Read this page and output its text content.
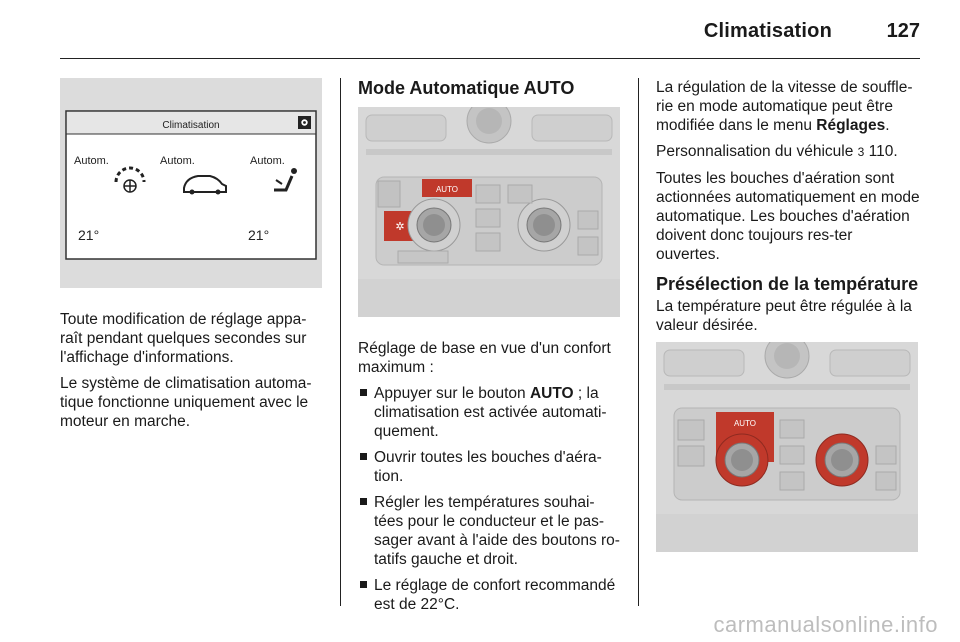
Climatisation	127
Climatisation
Autom.	Autom.	Autom.
21°	21°

Toute modification de réglage appa-raît pendant quelques secondes sur l'affichage d'informations.

Le système de climatisation automa-tique fonctionne uniquement avec le moteur en marche.

Mode Automatique AUTO
✲
AUTO

Réglage de base en vue d'un confort maximum :

Appuyer sur le bouton AUTO ; la climatisation est activée automati-quement.
Ouvrir toutes les bouches d'aéra-tion.
Régler les températures souhai-tées pour le conducteur et le pas-sager avant à l'aide des boutons ro-tatifs gauche et droit.
Le réglage de confort recommandé est de 22°C.

La régulation de la vitesse de souffle-rie en mode automatique peut être modifiée dans le menu Réglages.

Personnalisation du véhicule 3 110.

Toutes les bouches d'aération sont actionnées automatiquement en mode automatique. Les bouches d'aération doivent donc toujours res-ter ouvertes.

Présélection de la température

La température peut être régulée à la valeur désirée.

AUTO
carmanualsonline.info
